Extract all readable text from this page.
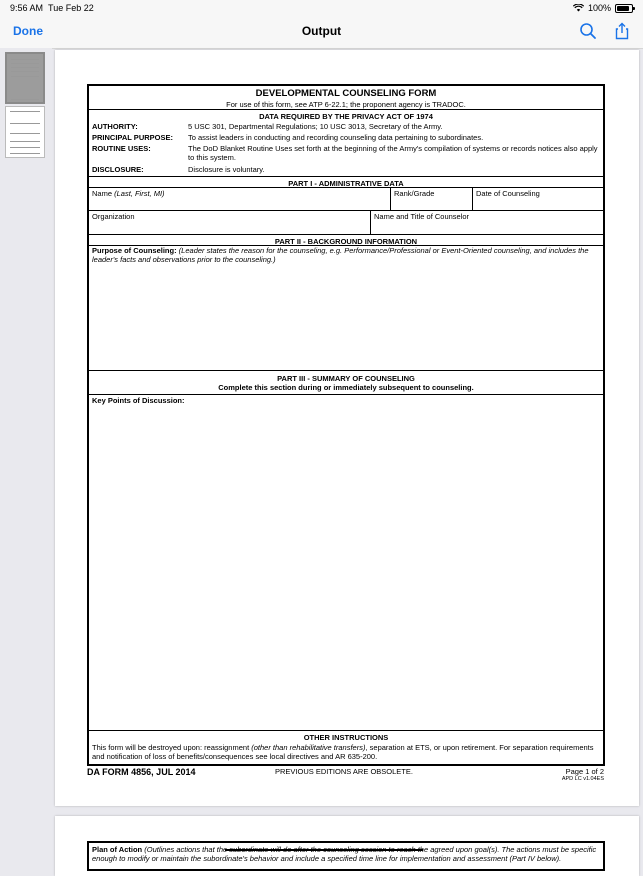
9:56 AM Tue Feb 22	100%
Done	Output
DEVELOPMENTAL COUNSELING FORM
For use of this form, see ATP 6-22.1; the proponent agency is TRADOC.
DATA REQUIRED BY THE PRIVACY ACT OF 1974
AUTHORITY:	5 USC 301, Departmental Regulations; 10 USC 3013, Secretary of the Army.
PRINCIPAL PURPOSE: To assist leaders in conducting and recording counseling data pertaining to subordinates.
ROUTINE USES:	The DoD Blanket Routine Uses set forth at the beginning of the Army's compilation of systems or records notices also apply to this system.
DISCLOSURE:	Disclosure is voluntary.
PART I - ADMINISTRATIVE DATA
Name (Last, First, MI)	Rank/Grade	Date of Counseling
Organization	Name and Title of Counselor
PART II - BACKGROUND INFORMATION
Purpose of Counseling: (Leader states the reason for the counseling, e.g. Performance/Professional or Event-Oriented counseling, and includes the leader's facts and observations prior to the counseling.)
PART III - SUMMARY OF COUNSELING
Complete this section during or immediately subsequent to counseling.
Key Points of Discussion:
OTHER INSTRUCTIONS
This form will be destroyed upon: reassignment (other than rehabilitative transfers), separation at ETS, or upon retirement. For separation requirements and notification of loss of benefits/consequences see local directives and AR 635-200.
DA FORM 4856, JUL 2014	PREVIOUS EDITIONS ARE OBSOLETE.	Page 1 of 2
APD LC v1.04ES
Plan of Action (Outlines actions that the subordinate will do after the counseling session to reach the agreed upon goal(s). The actions must be specific enough to modify or maintain the subordinate's behavior and include a specified time line for implementation and assessment (Part IV below).
